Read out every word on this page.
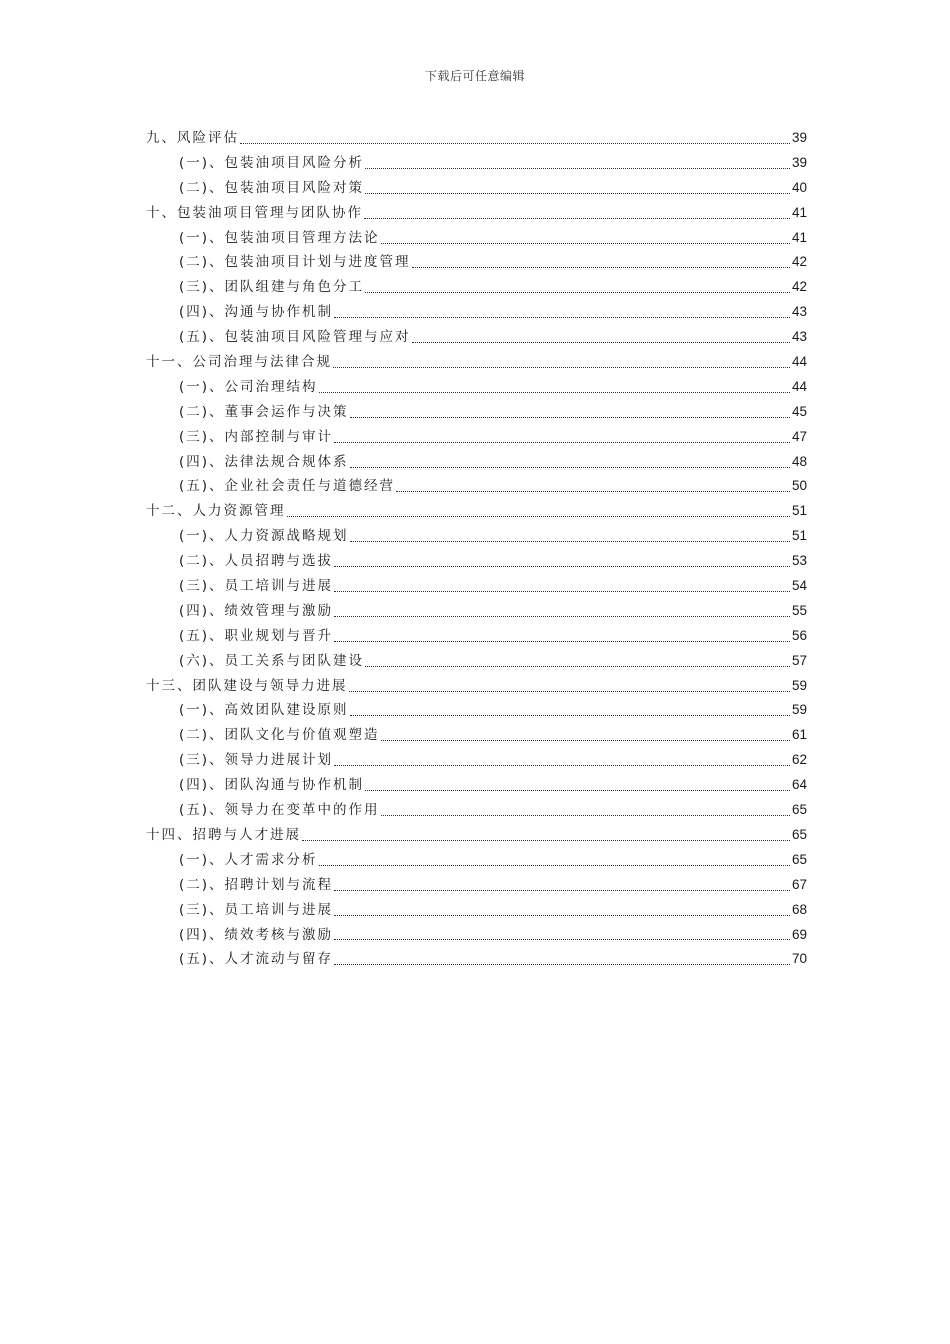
下载后可任意编辑
九、风险评估	39
(一)、包装油项目风险分析	39
(二)、包装油项目风险对策	40
十、包装油项目管理与团队协作	41
(一)、包装油项目管理方法论	41
(二)、包装油项目计划与进度管理	42
(三)、团队组建与角色分工	42
(四)、沟通与协作机制	43
(五)、包装油项目风险管理与应对	43
十一、公司治理与法律合规	44
(一)、公司治理结构	44
(二)、董事会运作与决策	45
(三)、内部控制与审计	47
(四)、法律法规合规体系	48
(五)、企业社会责任与道德经营	50
十二、人力资源管理	51
(一)、人力资源战略规划	51
(二)、人员招聘与选拔	53
(三)、员工培训与进展	54
(四)、绩效管理与激励	55
(五)、职业规划与晋升	56
(六)、员工关系与团队建设	57
十三、团队建设与领导力进展	59
(一)、高效团队建设原则	59
(二)、团队文化与价值观塑造	61
(三)、领导力进展计划	62
(四)、团队沟通与协作机制	64
(五)、领导力在变革中的作用	65
十四、招聘与人才进展	65
(一)、人才需求分析	65
(二)、招聘计划与流程	67
(三)、员工培训与进展	68
(四)、绩效考核与激励	69
(五)、人才流动与留存	70
